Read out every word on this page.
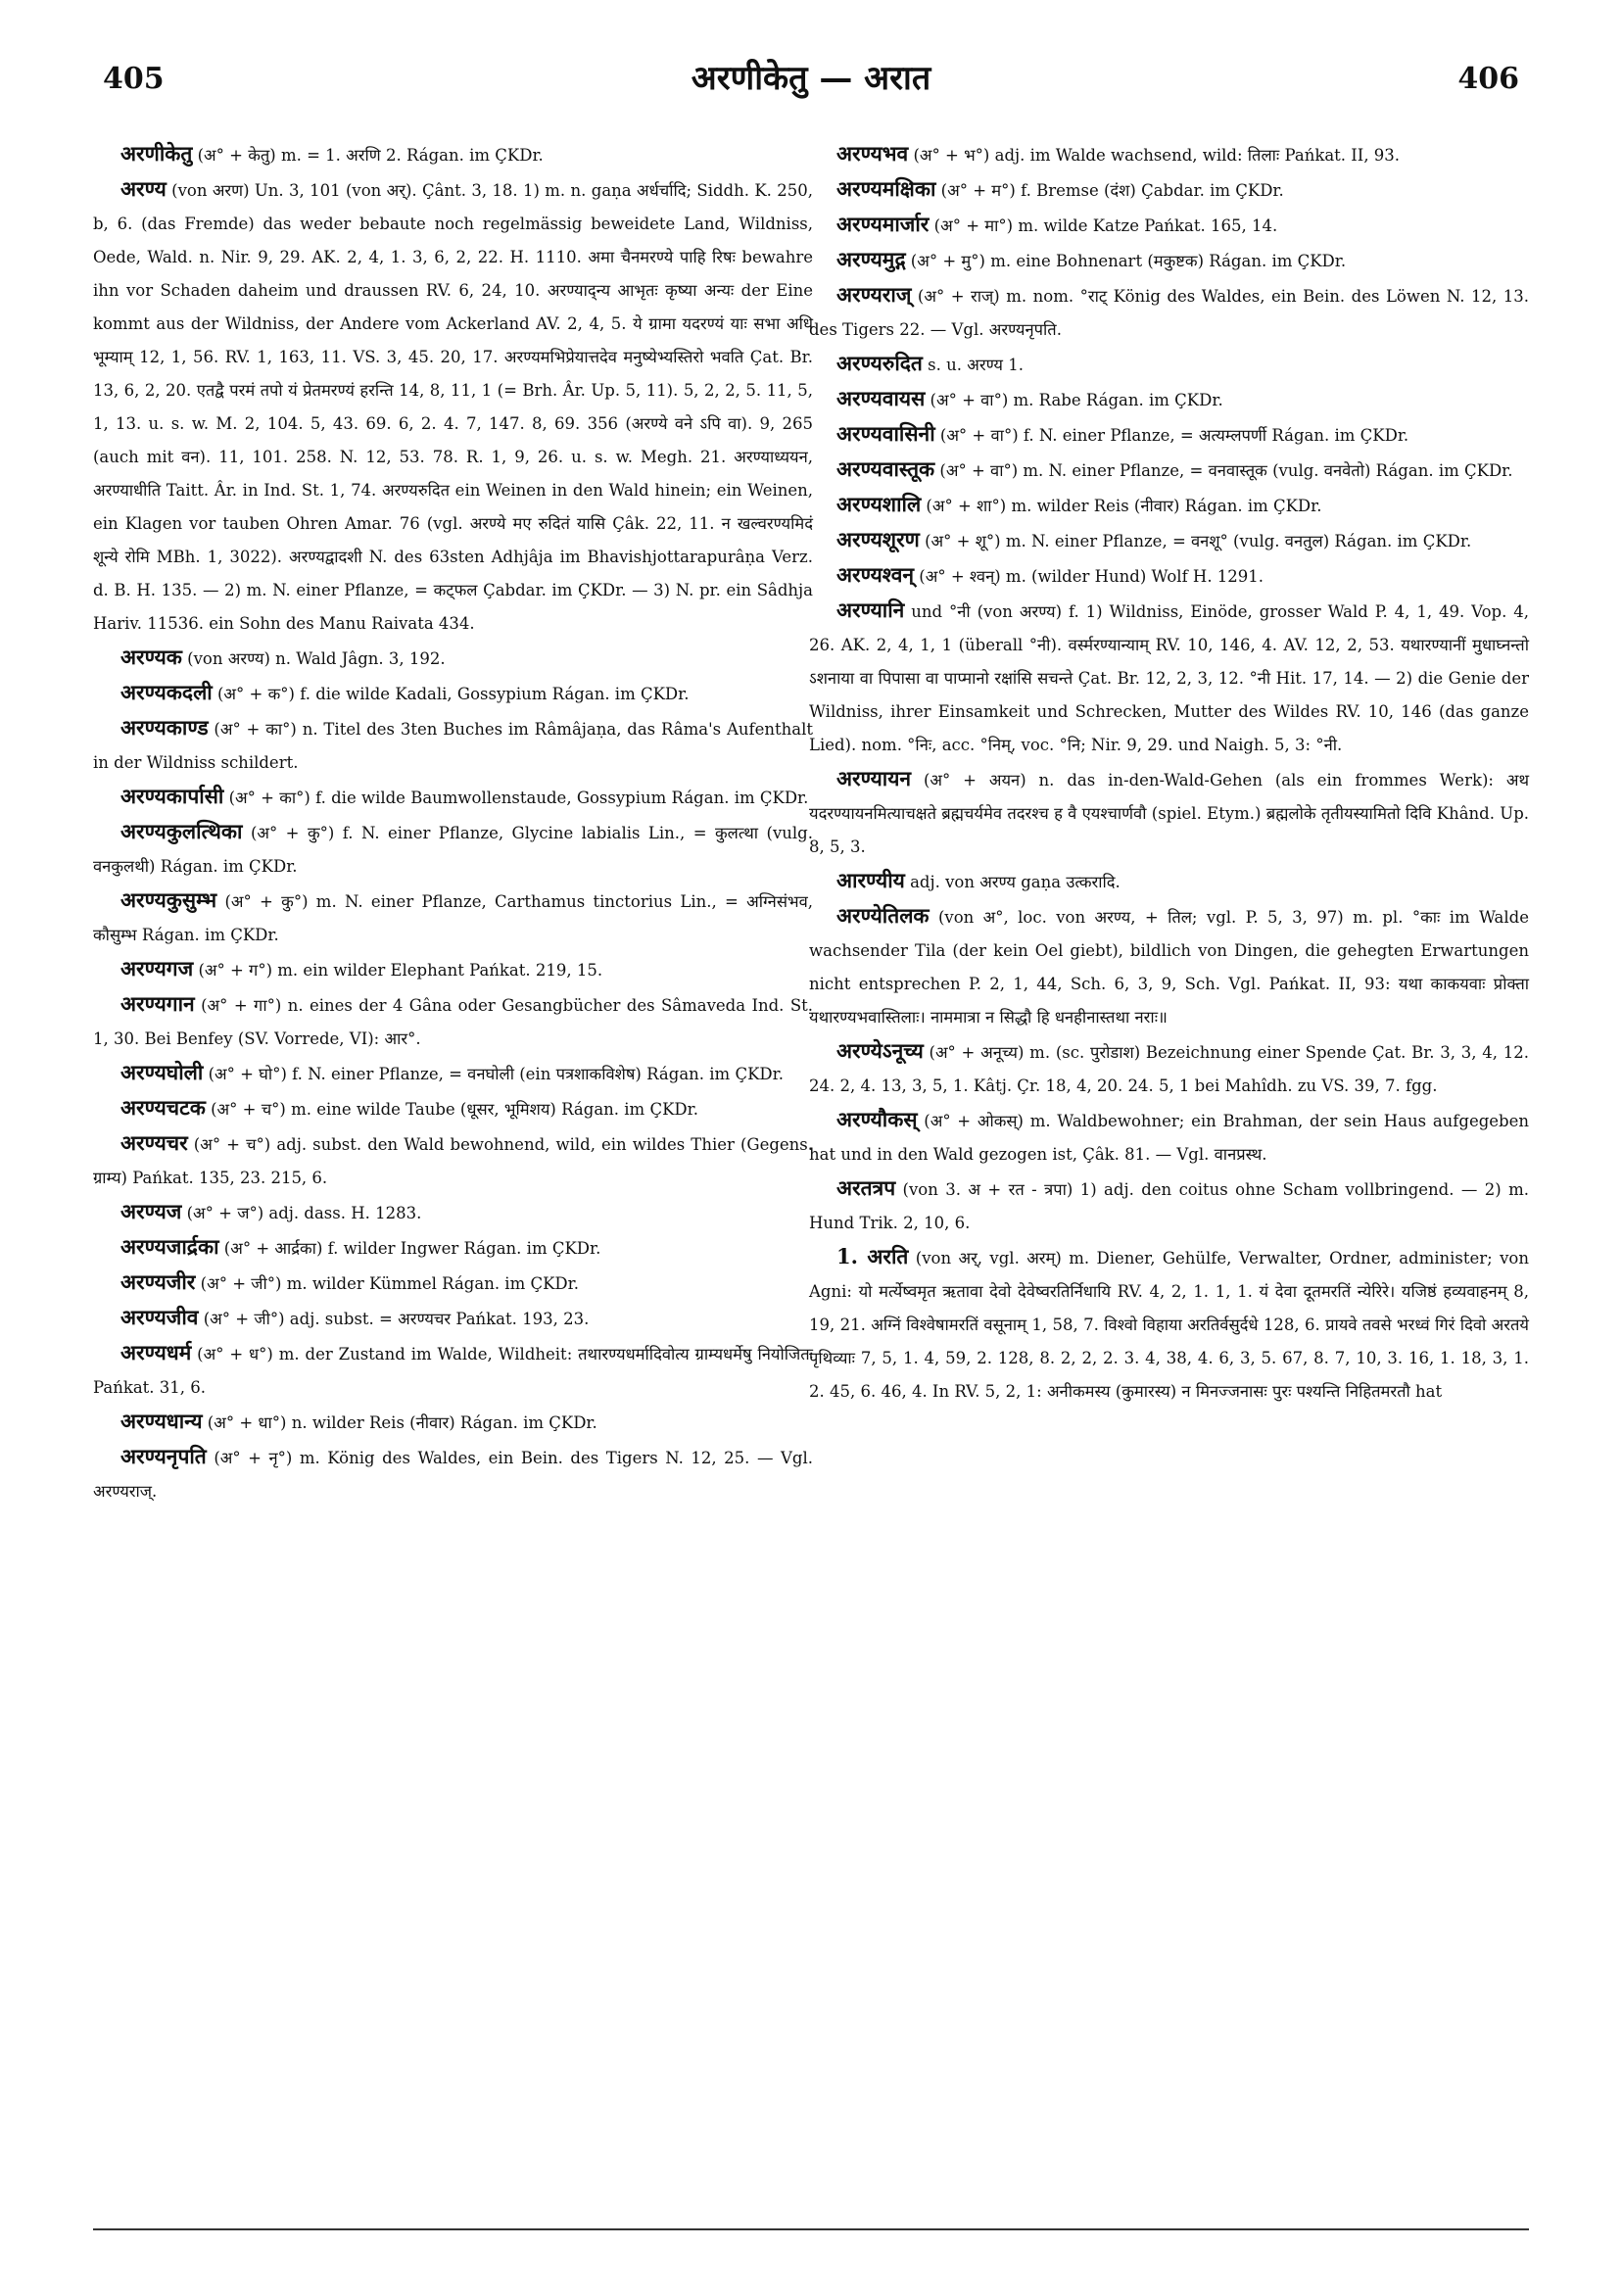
405	अरणीकेतु — अरात	406

अरणीकेतु (अ° + केतु) m. = 1. अरणि 2. Rágan. im ÇKDr.

अरण्य (von अरण) Un. 3, 101 (von अर्). Çânt. 3, 18. 1) m. n. gaṇa अर्धर्चादि; Siddh. K. 250, b, 6. (das Fremde) das weder bebaute noch regelmässig beweidete Land, Wildniss, Oede, Wald. n. Nir. 9, 29. AK. 2, 4, 1. 3, 6, 2, 22. H. 1110. अमा चैनमरण्ये पाहि रिषः bewahre ihn vor Schaden daheim und draussen RV. 6, 24, 10. अरण्याद्न्य आभृतः कृष्या अन्यः der Eine kommt aus der Wildniss, der Andere vom Ackerland AV. 2, 4, 5. ये ग्रामा यदरण्यं याः सभा अधि भूम्याम् 12, 1, 56. RV. 1, 163, 11. VS. 3, 45. 20, 17. अरण्यमभिप्रेयात्तदेव मनुष्येभ्यस्तिरो भवति Çat. Br. 13, 6, 2, 20. एतद्वै परमं तपो यं प्रेतमरण्यं हरन्ति 14, 8, 11, 1 (= Brh. Âr. Up. 5, 11). 5, 2, 2, 5. 11, 5, 1, 13. u. s. w. M. 2, 104. 5, 43. 69. 6, 2. 4. 7, 147. 8, 69. 356 (अरण्ये वने ऽपि वा). 9, 265 (auch mit वन). 11, 101. 258. N. 12, 53. 78. R. 1, 9, 26. u. s. w. Megh. 21. अरण्याध्ययन, अरण्याधीति Taitt. Âr. in Ind. St. 1, 74. अरण्यरुदित ein Weinen in den Wald hinein; ein Weinen, ein Klagen vor tauben Ohren Amar. 76 (vgl. अरण्ये मए रुदितं यासि Çâk. 22, 11. न खल्वरण्यमिदं शून्ये रोमि MBh. 1, 3022). अरण्यद्वादशी N. des 63sten Adhjâja im Bhavishjottarapurâṇa Verz. d. B. H. 135. — 2) m. N. einer Pflanze, = कट्फल Çabdar. im ÇKDr. — 3) N. pr. ein Sâdhja Hariv. 11536. ein Sohn des Manu Raivata 434.

अरण्यक (von अरण्य) n. Wald Jâgn. 3, 192.

अरण्यकदली (अ° + क°) f. die wilde Kadali, Gossypium Rágan. im ÇKDr.

अरण्यकाण्ड (अ° + का°) n. Titel des 3ten Buches im Râmâjaṇa, das Râma's Aufenthalt in der Wildniss schildert.

अरण्यकार्पासी (अ° + का°) f. die wilde Baumwollenstaude, Gossypium Rágan. im ÇKDr.

अरण्यकुलत्थिका (अ° + कु°) f. N. einer Pflanze, Glycine labialis Lin., = कुलत्था (vulg. वनकुलथी) Rágan. im ÇKDr.

अरण्यकुसुम्भ (अ° + कु°) m. N. einer Pflanze, Carthamus tinctorius Lin., = अग्निसंभव, कौसुम्भ Rágan. im ÇKDr.

अरण्यगज (अ° + ग°) m. ein wilder Elephant Pańkat. 219, 15.

अरण्यगान (अ° + गा°) n. eines der 4 Gâna oder Gesangbücher des Sâmaveda Ind. St. 1, 30. Bei Benfey (SV. Vorrede, VI): आर°.

अरण्यघोली (अ° + घो°) f. N. einer Pflanze, = वनघोली (ein पत्रशाकविशेष) Rágan. im ÇKDr.

अरण्यचटक (अ° + च°) m. eine wilde Taube (धूसर, भूमिशय) Rágan. im ÇKDr.

अरण्यचर (अ° + च°) adj. subst. den Wald bewohnend, wild, ein wildes Thier (Gegens. ग्राम्य) Pańkat. 135, 23. 215, 6.

अरण्यज (अ° + ज°) adj. dass. H. 1283.

अरण्यजार्द्रका (अ° + आर्द्रका) f. wilder Ingwer Rágan. im ÇKDr.

अरण्यजीर (अ° + जी°) m. wilder Kümmel Rágan. im ÇKDr.

अरण्यजीव (अ° + जी°) adj. subst. = अरण्यचर Pańkat. 193, 23.

अरण्यधर्म (अ° + ध°) m. der Zustand im Walde, Wildheit: तथारण्यधर्मादिवोत्य ग्राम्यधर्मेषु नियोजितः Pańkat. 31, 6.

अरण्यधान्य (अ° + धा°) n. wilder Reis (नीवार) Rágan. im ÇKDr.

अरण्यनृपति (अ° + नृ°) m. König des Waldes, ein Bein. des Tigers N. 12, 25. — Vgl. अरण्यराज्.

अरण्यभव (अ° + भ°) adj. im Walde wachsend, wild: तिलाः Pańkat. II, 93.

अरण्यमक्षिका (अ° + म°) f. Bremse (दंश) Çabdar. im ÇKDr.

अरण्यमार्जार (अ° + मा°) m. wilde Katze Pańkat. 165, 14.

अरण्यमुद्ग (अ° + मु°) m. eine Bohnenart (मकुष्टक) Rágan. im ÇKDr.

अरण्यराज् (अ° + राज्) m. nom. °राट् König des Waldes, ein Bein. des Löwen N. 12, 13. des Tigers 22. — Vgl. अरण्यनृपति.

अरण्यरुदित s. u. अरण्य 1.

अरण्यवायस (अ° + वा°) m. Rabe Rágan. im ÇKDr.

अरण्यवासिनी (अ° + वा°) f. N. einer Pflanze, = अत्यम्लपर्णी Rágan. im ÇKDr.

अरण्यवास्तूक (अ° + वा°) m. N. einer Pflanze, = वनवास्तूक (vulg. वनवेतो) Rágan. im ÇKDr.

अरण्यशालि (अ° + शा°) m. wilder Reis (नीवार) Rágan. im ÇKDr.

अरण्यशूरण (अ° + शू°) m. N. einer Pflanze, = वनशू° (vulg. वनतुल) Rágan. im ÇKDr.

अरण्यश्वन् (अ° + श्वन्) m. (wilder Hund) Wolf H. 1291.

अरण्यानि und °नी (von अरण्य) f. 1) Wildniss, Einöde, grosser Wald P. 4, 1, 49. Vop. 4, 26. AK. 2, 4, 1, 1 (überall °नी). वर्स्मरण्यान्याम् RV. 10, 146, 4. AV. 12, 2, 53. यथारण्यानीं मुधाघ्नन्तो ऽशनाया वा पिपासा वा पाप्मानो रक्षांसि सचन्ते Çat. Br. 12, 2, 3, 12. °नी Hit. 17, 14. — 2) die Genie der Wildniss, ihrer Einsamkeit und Schrecken, Mutter des Wildes RV. 10, 146 (das ganze Lied). nom. °निः, acc. °निम्, voc. °नि; Nir. 9, 29. und Naigh. 5, 3: °नी.

अरण्यायन (अ° + अयन) n. das in-den-Wald-Gehen (als ein frommes Werk): अथ यदरण्यायनमित्याचक्षते ब्रह्मचर्यमेव तदरश्च ह वै एयश्चार्णवौ (spiel. Etym.) ब्रह्मलोके तृतीयस्यामितो दिवि Khând. Up. 8, 5, 3.

आरण्यीय adj. von अरण्य gaṇa उत्करादि.

अरण्येतिलक (von अ°, loc. von अरण्य, + तिल; vgl. P. 5, 3, 97) m. pl. °काः im Walde wachsender Tila (der kein Oel giebt), bildlich von Dingen, die gehegten Erwartungen nicht entsprechen P. 2, 1, 44, Sch. 6, 3, 9, Sch. Vgl. Pańkat. II, 93: यथा काकयवाः प्रोक्ता यथारण्यभवास्तिलाः। नाममात्रा न सिद्धौ हि धनहीनास्तथा नराः॥

अरण्येऽनूच्य (अ° + अनूच्य) m. (sc. पुरोडाश) Bezeichnung einer Spende Çat. Br. 3, 3, 4, 12. 24. 2, 4. 13, 3, 5, 1. Kâtj. Çr. 18, 4, 20. 24. 5, 1 bei Mahîdh. zu VS. 39, 7. fgg.

अरण्यौकस् (अ° + ओकस्) m. Waldbewohner; ein Brahman, der sein Haus aufgegeben hat und in den Wald gezogen ist, Çâk. 81. — Vgl. वानप्रस्थ.

अरतत्रप (von 3. अ + रत - त्रपा) 1) adj. den coitus ohne Scham vollbringend. — 2) m. Hund Trik. 2, 10, 6.

1. अरति (von अर्, vgl. अरम्) m. Diener, Gehülfe, Verwalter, Ordner, administer; von Agni: यो मर्त्येष्वमृत ऋतावा देवो देवेष्वरतिर्निधायि RV. 4, 2, 1. 1, 1. यं देवा दूतमरतिं न्येरिरे। यजिष्ठं हव्यवाहनम् 8, 19, 21. अग्निं विश्वेषामरतिं वसूनाम् 1, 58, 7. विश्वो विहाया अरतिर्वसुर्दधे 128, 6. प्रायवे तवसे भरध्वं गिरं दिवो अरतये पृथिव्याः 7, 5, 1. 4, 59, 2. 128, 8. 2, 2, 2. 3. 4, 38, 4. 6, 3, 5. 67, 8. 7, 10, 3. 16, 1. 18, 3, 1. 2. 45, 6. 46, 4. In RV. 5, 2, 1: अनीकमस्य (कुमारस्य) न मिनज्जनासः पुरः पश्यन्ति निहितमरतौ hat
